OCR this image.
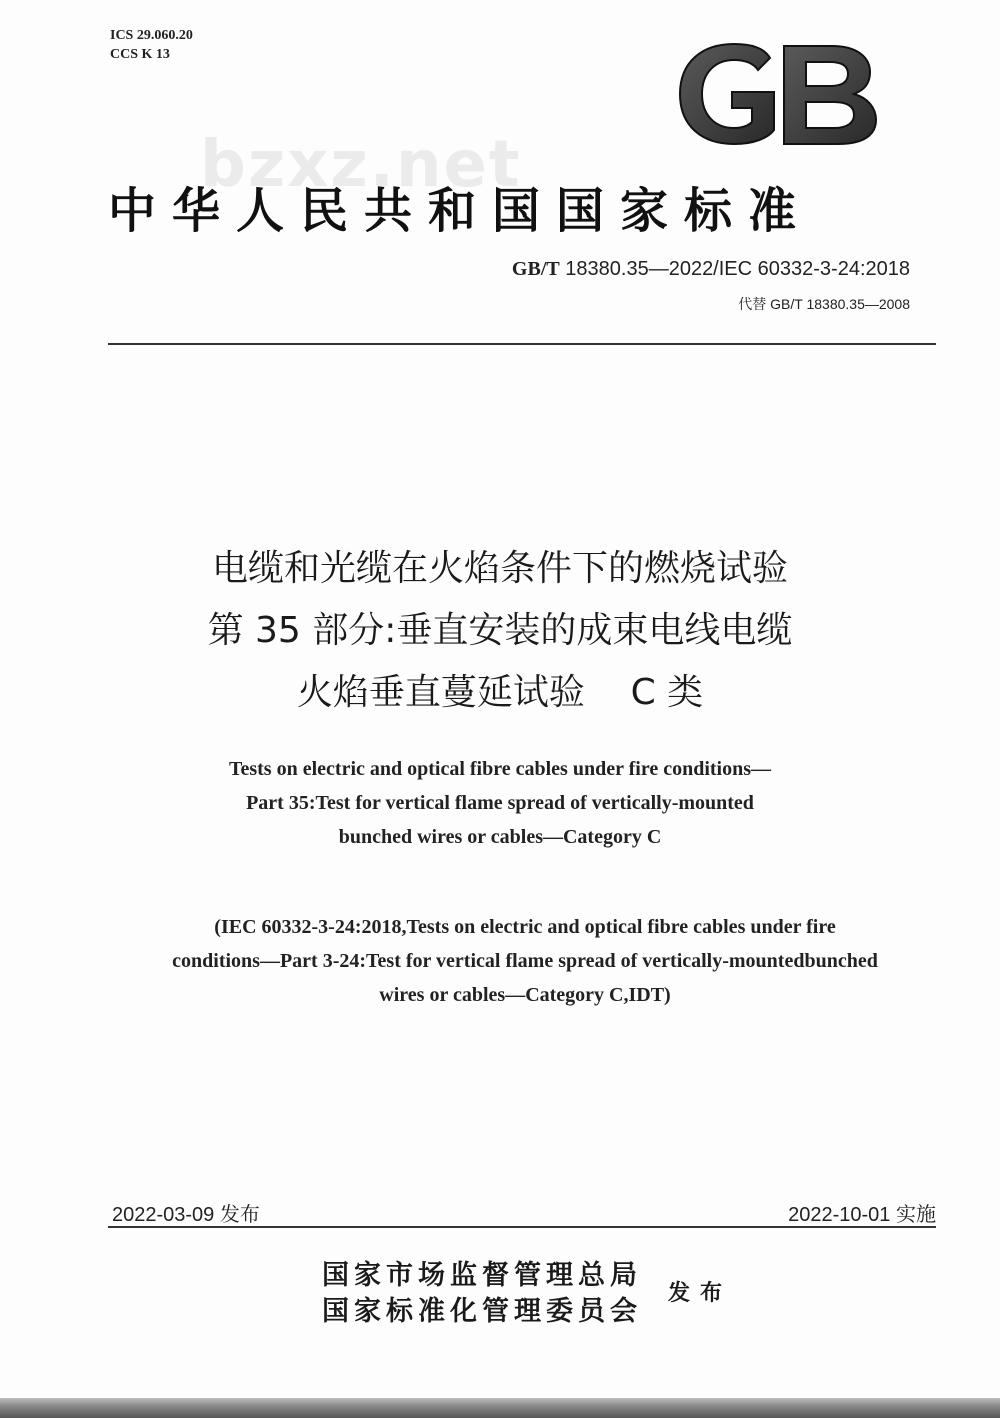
ICS 29.060.20
CCS K 13
bzxz.net
GB
中华人民共和国国家标准
GB/T 18380.35—2022/IEC 60332-3-24:2018
代替 GB/T 18380.35—2008
电缆和光缆在火焰条件下的燃烧试验
第 35 部分:垂直安装的成束电线电缆
火焰垂直蔓延试验    C 类
Tests on electric and optical fibre cables under fire conditions—
Part 35:Test for vertical flame spread of vertically-mounted
bunched wires or cables—Category C
(IEC 60332-3-24:2018,Tests on electric and optical fibre cables under fire
conditions—Part 3-24:Test for vertical flame spread of vertically-mountedbunched
wires or cables—Category C,IDT)
2022-03-09 发布	2022-10-01 实施
国家市场监督管理总局
国家标准化管理委员会
发布
